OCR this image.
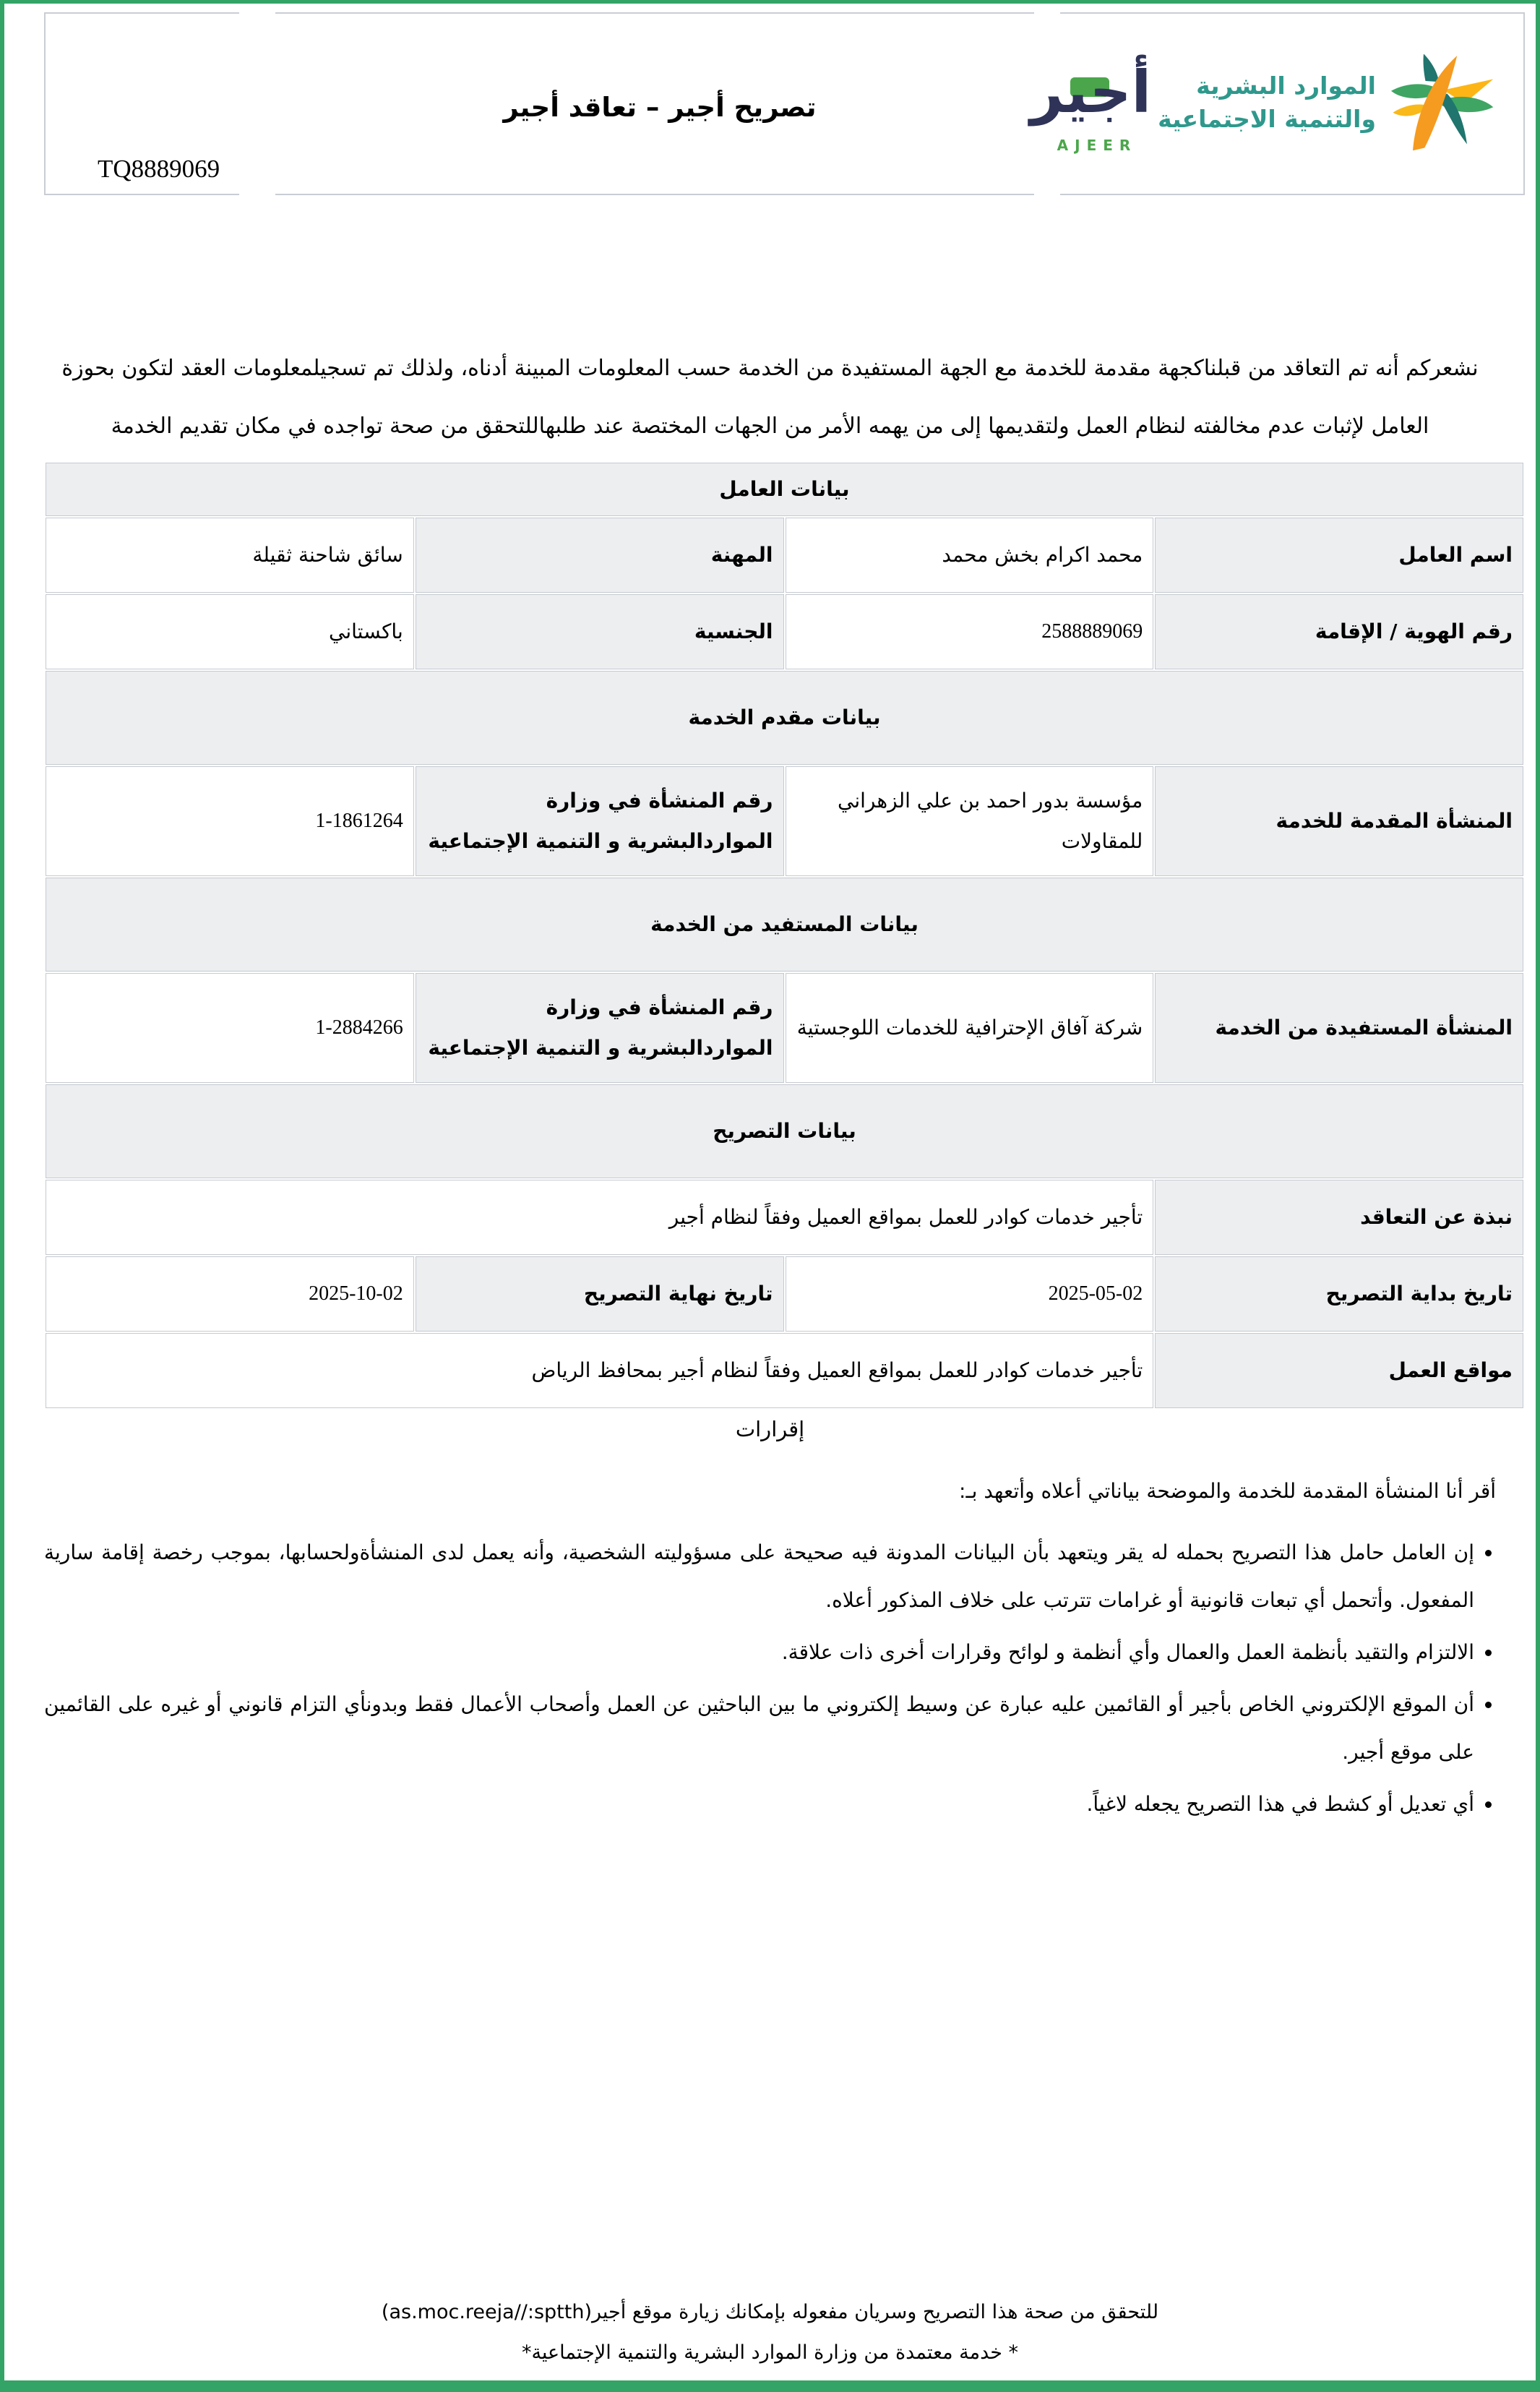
تصريح أجير – تعاقد أجير
TQ8889069
أجير
AJEER
الموارد البشرية
والتنمية الاجتماعية
نشعركم أنه تم التعاقد من قبلناكجهة مقدمة للخدمة مع الجهة المستفيدة من الخدمة حسب المعلومات المبينة أدناه، ولذلك تم تسجيلمعلومات العقد لتكون بحوزة
العامل لإثبات عدم مخالفته لنظام العمل ولتقديمها إلى من يهمه الأمر من الجهات المختصة عند طلبهاللتحقق من صحة تواجده في مكان تقديم الخدمة
بيانات العامل			
اسم العامل	محمد اكرام بخش محمد	المهنة	سائق شاحنة ثقيلة
رقم الهوية / الإقامة	2588889069	الجنسية	باكستاني
بيانات مقدم الخدمة			
المنشأة المقدمة للخدمة	مؤسسة بدور احمد بن علي الزهراني للمقاولات	رقم المنشأة في وزارة المواردالبشرية و التنمية الإجتماعية	1-1861264
بيانات المستفيد من الخدمة			
المنشأة المستفيدة من الخدمة	شركة آفاق الإحترافية للخدمات اللوجستية	رقم المنشأة في وزارة المواردالبشرية و التنمية الإجتماعية	1-2884266
بيانات التصريح			
نبذة عن التعاقد	تأجير خدمات كوادر للعمل بمواقع العميل وفقاً لنظام أجير		
تاريخ بداية التصريح	2025-05-02	تاريخ نهاية التصريح	2025-10-02
مواقع العمل	تأجير خدمات كوادر للعمل بمواقع العميل وفقاً لنظام أجير بمحافظ الرياض		
إقرارات
أقر أنا المنشأة المقدمة للخدمة والموضحة بياناتي أعلاه وأتعهد بـ:
• إن العامل حامل هذا التصريح بحمله له يقر ويتعهد بأن البيانات المدونة فيه صحيحة على مسؤوليته الشخصية، وأنه يعمل لدى المنشأةولحسابها، بموجب رخصة إقامة سارية المفعول. وأتحمل أي تبعات قانونية أو غرامات تترتب على خلاف المذكور أعلاه.
• الالتزام والتقيد بأنظمة العمل والعمال وأي أنظمة و لوائح وقرارات أخرى ذات علاقة.
• أن الموقع الإلكتروني الخاص بأجير أو القائمين عليه عبارة عن وسيط إلكتروني ما بين الباحثين عن العمل وأصحاب الأعمال فقط وبدونأي التزام قانوني أو غيره على القائمين على موقع أجير.
• أي تعديل أو كشط في هذا التصريح يجعله لاغياً.
للتحقق من صحة هذا التصريح وسريان مفعوله بإمكانك زيارة موقع أجير(as.moc.reeja//:sptth)
* خدمة معتمدة من وزارة الموارد البشرية والتنمية الإجتماعية*
